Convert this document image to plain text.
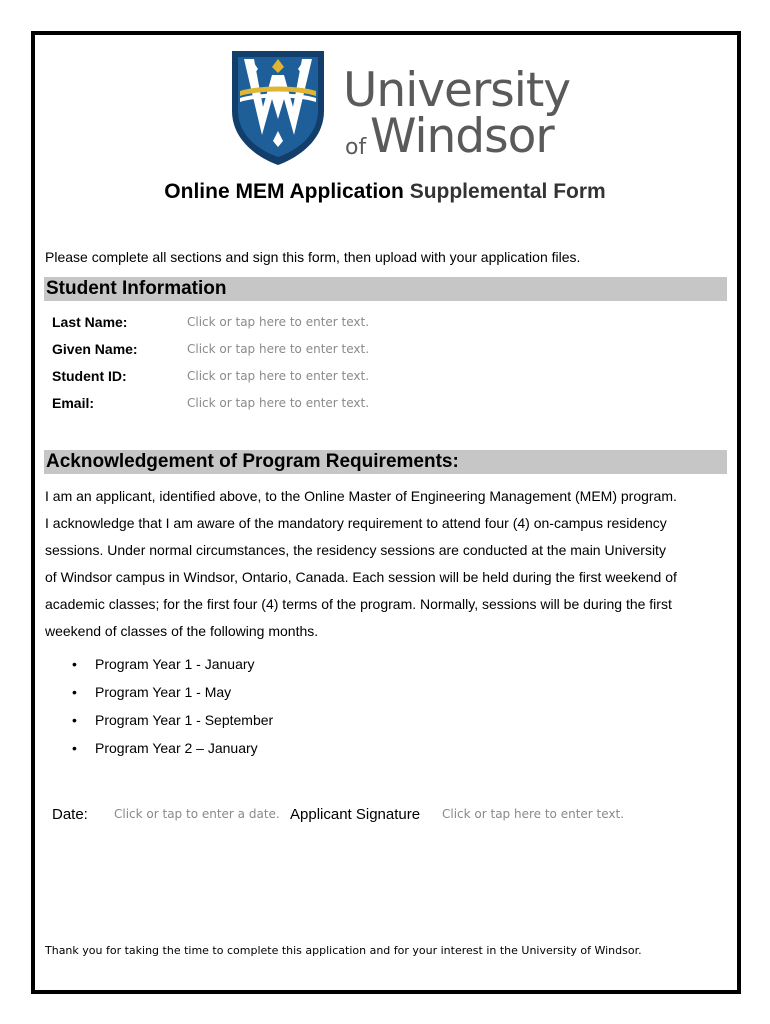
University
of Windsor
Online MEM Application Supplemental Form
Please complete all sections and sign this form, then upload with your application files.
Student Information
Last Name:	Click or tap here to enter text.
Given Name:	Click or tap here to enter text.
Student ID:	Click or tap here to enter text.
Email:	Click or tap here to enter text.
Acknowledgement of Program Requirements:
I am an applicant, identified above, to the Online Master of Engineering Management (MEM) program.
I acknowledge that I am aware of the mandatory requirement to attend four (4) on-campus residency
sessions. Under normal circumstances, the residency sessions are conducted at the main University
of Windsor campus in Windsor, Ontario, Canada. Each session will be held during the first weekend of
academic classes; for the first four (4) terms of the program. Normally, sessions will be during the first
weekend of classes of the following months.
• Program Year 1 - January
• Program Year 1 - May
• Program Year 1 - September
• Program Year 2 – January
Date: Click or tap to enter a date. Applicant Signature Click or tap here to enter text.
Thank you for taking the time to complete this application and for your interest in the University of Windsor.
